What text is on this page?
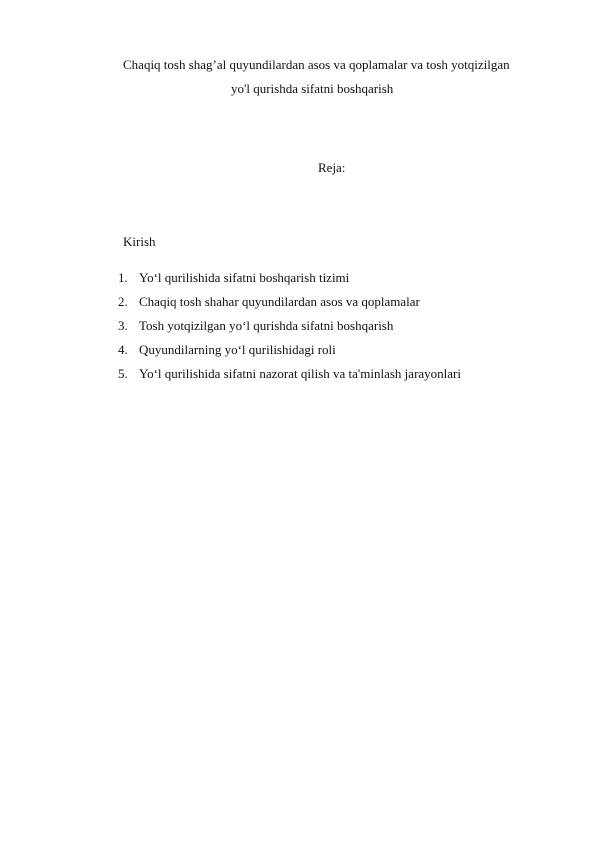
Chaqiq tosh shag’al quyundilardan asos va qoplamalar va tosh yotqizilgan
yo'l qurishda sifatni boshqarish
Reja:
Kirish
1. Yo‘l qurilishida sifatni boshqarish tizimi
2. Chaqiq tosh shahar quyundilardan asos va qoplamalar
3. Tosh yotqizilgan yo‘l qurishda sifatni boshqarish
4. Quyundilarning yo‘l qurilishidagi roli
5. Yo‘l qurilishida sifatni nazorat qilish va ta'minlash jarayonlari
